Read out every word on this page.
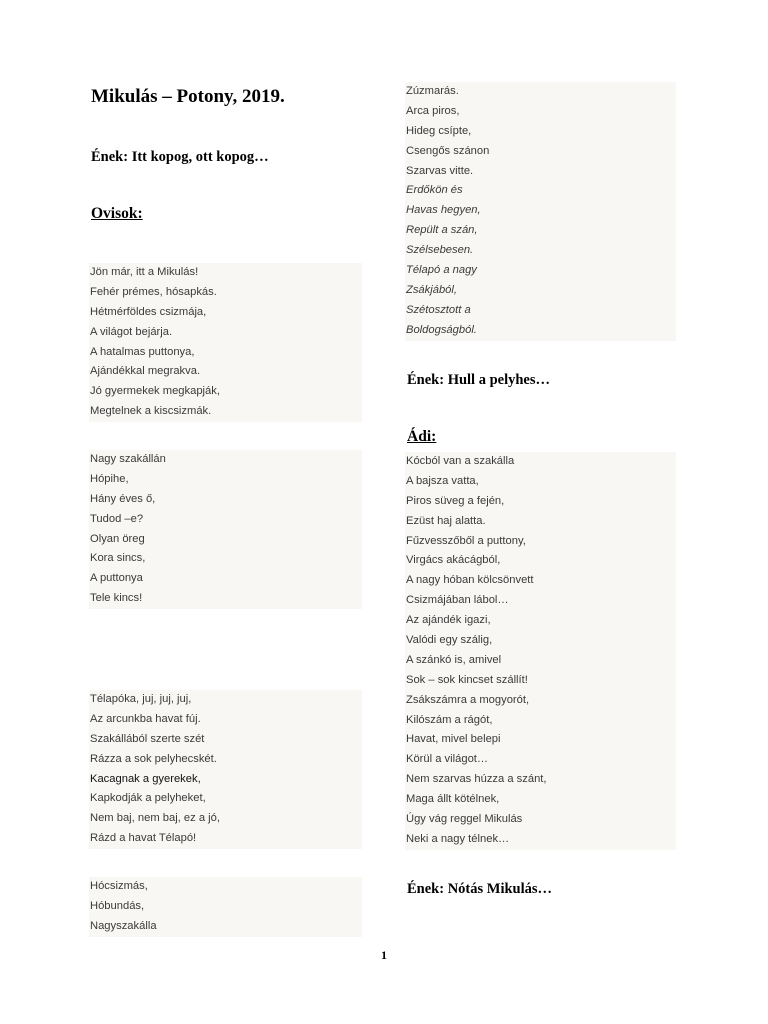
Mikulás – Potony, 2019.
Ének: Itt kopog, ott kopog…
Ovisok:
Jön már, itt a Mikulás!
Fehér prémes, hósapkás.
Hétmérföldes csizmája,
A világot bejárja.
A hatalmas puttonya,
Ajándékkal megrakva.
Jó gyermekek megkapják,
Megtelnek a kiscsizmák.
Nagy szakállán
Hópihe,
Hány éves ő,
Tudod –e?
Olyan öreg
Kora sincs,
A puttonya
Tele kincs!
Télapóka, juj, juj, juj,
Az arcunkba havat fúj.
Szakállából szerte szét
Rázza a sok pelyhecskét.
Kacagnak a gyerekek,
Kapkodják a pelyheket,
Nem baj, nem baj, ez a jó,
Rázd a havat Télapó!
Hócsizmás,
Hóbundás,
Nagyszakálla
Zúzmarás.
Arca piros,
Hideg csípte,
Csengős szánon
Szarvas vitte.
Erdőkön és
Havas hegyen,
Repült a szán,
Szélsebesen.
Télapó a nagy
Zsákjából,
Szétosztott a
Boldogságból.
Ének: Hull a pelyhes…
Ádi:
Kócból van a szakálla
A bajsza vatta,
Piros süveg a fején,
Ezüst haj alatta.
Fűzvesszőből a puttony,
Virgács akácágból,
A nagy hóban kölcsönvett
Csizmájában lábol…
Az ajándék igazi,
Valódi egy szálig,
A szánkó is, amivel
Sok – sok kincset szállít!
Zsákszámra a mogyorót,
Kilószám a rágót,
Havat, mivel belepi
Körül a világot…
Nem szarvas húzza a szánt,
Maga állt kötélnek,
Úgy vág reggel Mikulás
Neki a nagy télnek…
Ének: Nótás Mikulás…
1
